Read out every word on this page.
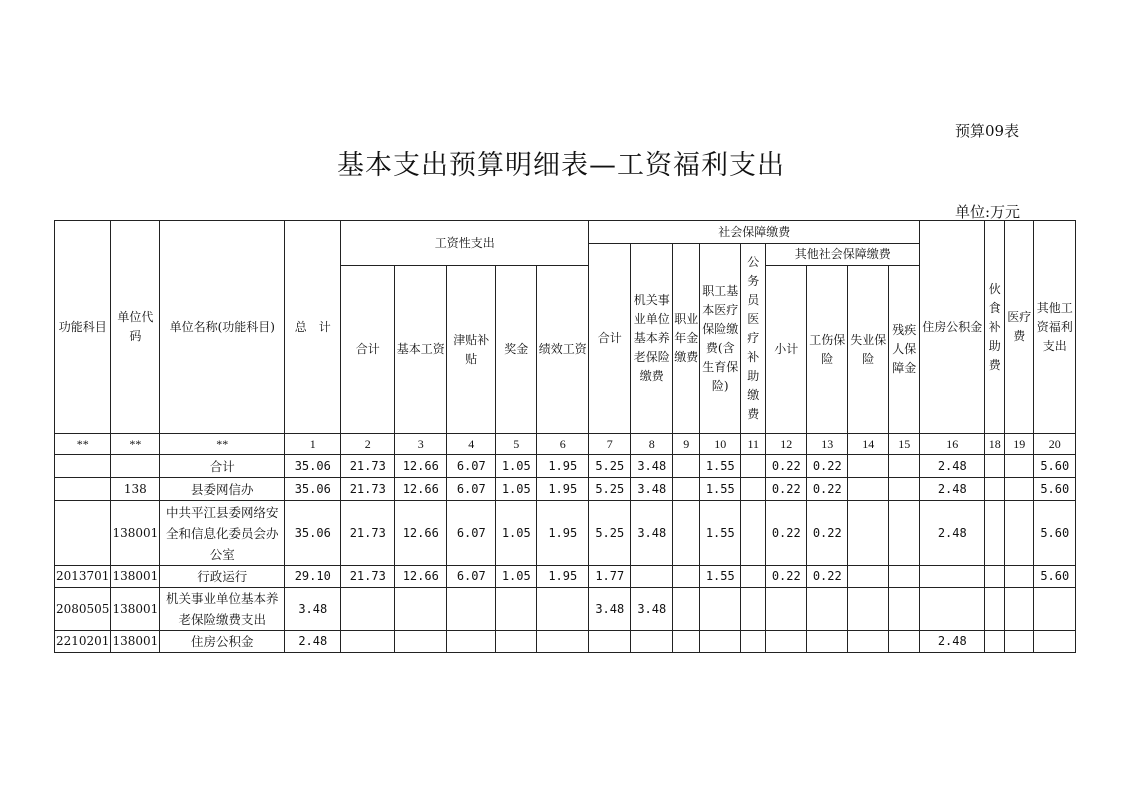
预算09表
基本支出预算明细表—工资福利支出
单位:万元
功能科目	单位代码	单位名称(功能科目)	总　计	工资性支出					社会保障缴费									住房公积金	伙食补助费	医疗费	其他工资福利支出
									合计	机关事业单位基本养老保险缴费	职业年金缴费	职工基本医疗保险缴费(含生育保险)	公务员医疗补助缴费	其他社会保障缴费							
				合计	基本工资	津贴补贴	奖金	绩效工资						小计	工伤保险	失业保险	残疾人保障金				
**	**	**	1	2	3	4	5	6	7	8	9	10	11	12	13	14	15	16	18	19	20
		合计	35.06	21.73	12.66	6.07	1.05	1.95	5.25	3.48		1.55		0.22	0.22			2.48			5.60
	138	县委网信办	35.06	21.73	12.66	6.07	1.05	1.95	5.25	3.48		1.55		0.22	0.22			2.48			5.60
	138001	中共平江县委网络安全和信息化委员会办公室	35.06	21.73	12.66	6.07	1.05	1.95	5.25	3.48		1.55		0.22	0.22			2.48			5.60
2013701	138001	行政运行	29.10	21.73	12.66	6.07	1.05	1.95	1.77			1.55		0.22	0.22						5.60
2080505	138001	机关事业单位基本养老保险缴费支出	3.48						3.48	3.48											
2210201	138001	住房公积金	2.48															2.48			
